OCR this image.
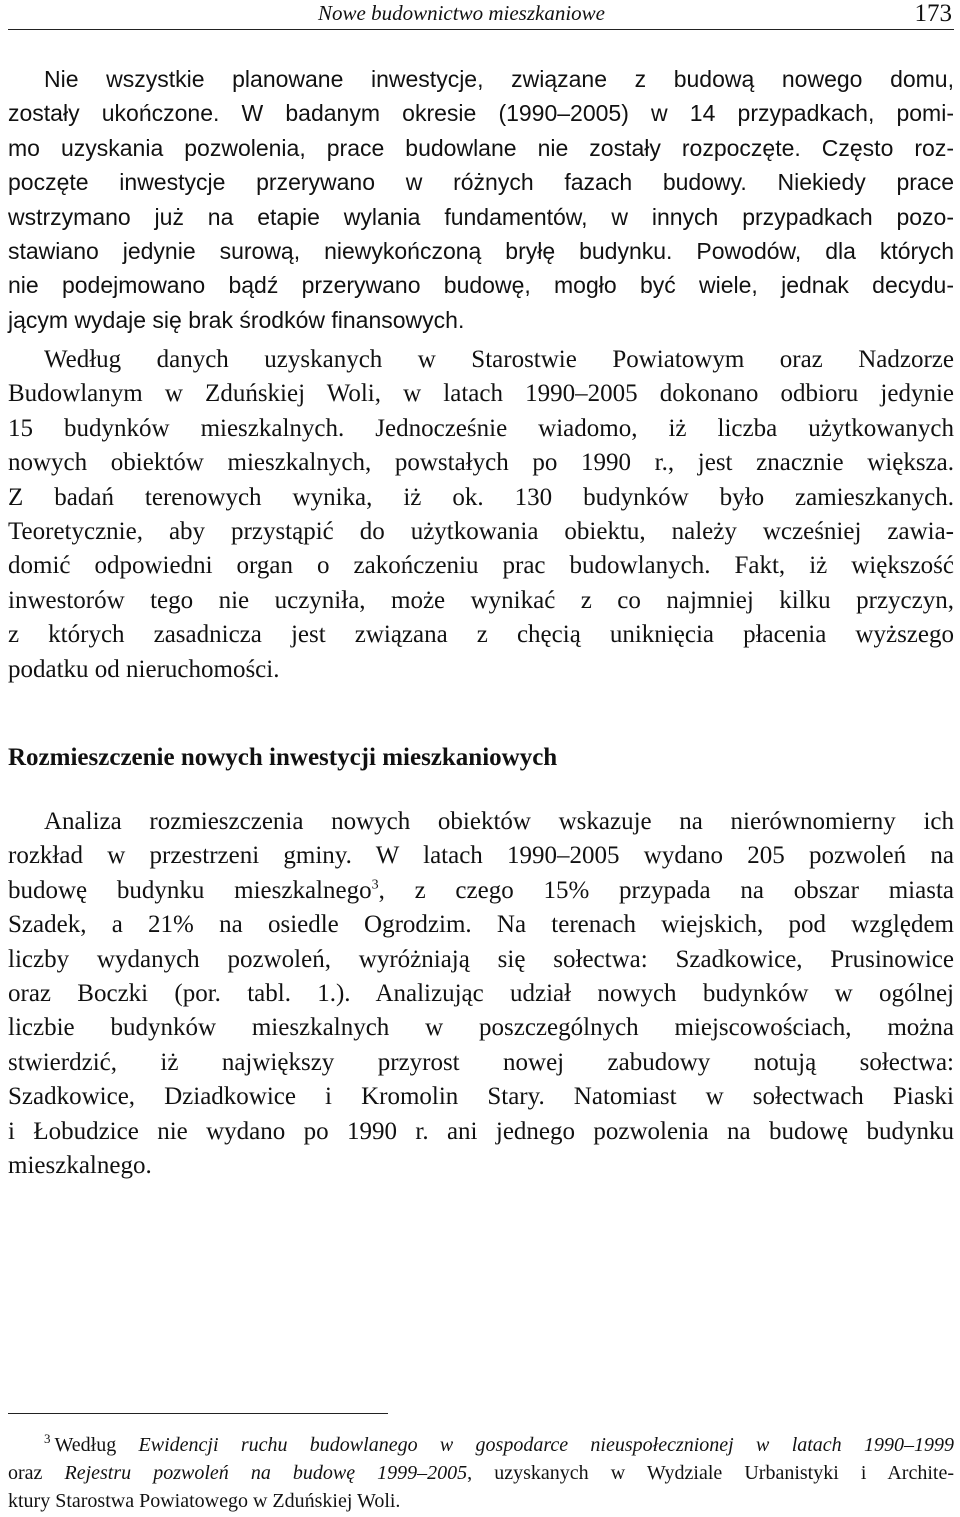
Nowe budownictwo mieszkaniowe	173
Nie wszystkie planowane inwestycje, związane z budową nowego domu,
zostały ukończone. W badanym okresie (1990–2005) w 14 przypadkach, pomi-
mo uzyskania pozwolenia, prace budowlane nie zostały rozpoczęte. Często roz-
poczęte inwestycje przerywano w różnych fazach budowy. Niekiedy prace
wstrzymano już na etapie wylania fundamentów, w innych przypadkach pozo-
stawiano jedynie surową, niewykończoną bryłę budynku. Powodów, dla których
nie podejmowano bądź przerywano budowę, mogło być wiele, jednak decydu-
jącym wydaje się brak środków finansowych.
Według danych uzyskanych w Starostwie Powiatowym oraz Nadzorze
Budowlanym w Zduńskiej Woli, w latach 1990–2005 dokonano odbioru jedynie
15 budynków mieszkalnych. Jednocześnie wiadomo, iż liczba użytkowanych
nowych obiektów mieszkalnych, powstałych po 1990 r., jest znacznie większa.
Z badań terenowych wynika, iż ok. 130 budynków było zamieszkanych.
Teoretycznie, aby przystąpić do użytkowania obiektu, należy wcześniej zawia-
domić odpowiedni organ o zakończeniu prac budowlanych. Fakt, iż większość
inwestorów tego nie uczyniła, może wynikać z co najmniej kilku przyczyn,
z których zasadnicza jest związana z chęcią uniknięcia płacenia wyższego
podatku od nieruchomości.
Rozmieszczenie nowych inwestycji mieszkaniowych
Analiza rozmieszczenia nowych obiektów wskazuje na nierównomierny ich
rozkład w przestrzeni gminy. W latach 1990–2005 wydano 205 pozwoleń na
budowę budynku mieszkalnego$^3$, z czego 15% przypada na obszar miasta
Szadek, a 21% na osiedle Ogrodzim. Na terenach wiejskich, pod względem
liczby wydanych pozwoleń, wyróżniają się sołectwa: Szadkowice, Prusinowice
oraz Boczki (por. tabl. 1.). Analizując udział nowych budynków w ogólnej
liczbie budynków mieszkalnych w poszczególnych miejscowościach, można
stwierdzić, iż największy przyrost nowej zabudowy notują sołectwa:
Szadkowice, Dziadkowice i Kromolin Stary. Natomiast w sołectwach Piaski
i Łobudzice nie wydano po 1990 r. ani jednego pozwolenia na budowę budynku
mieszkalnego.
$^3$ Według Ewidencji ruchu budowlanego w gospodarce nieuspołecznionej w latach 1990–1999
oraz Rejestru pozwoleń na budowę 1999–2005, uzyskanych w Wydziale Urbanistyki i Archite-
ktury Starostwa Powiatowego w Zduńskiej Woli.
